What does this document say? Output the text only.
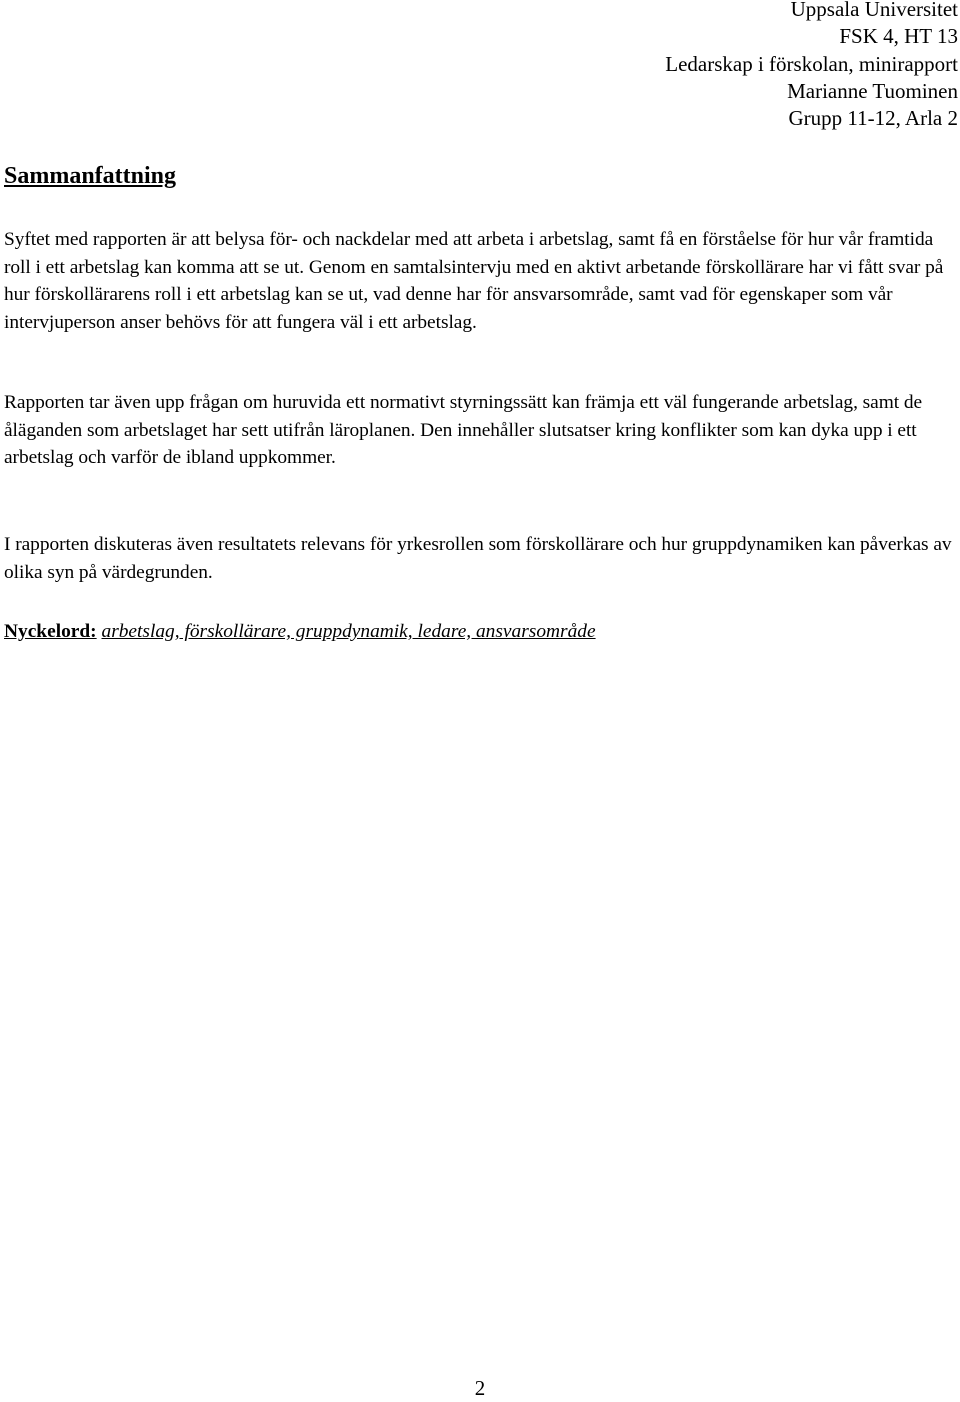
Uppsala Universitet
FSK 4, HT 13
Ledarskap i förskolan, minirapport
Marianne Tuominen
Grupp 11-12, Arla 2
Sammanfattning

Syftet med rapporten är att belysa för- och nackdelar med att arbeta i arbetslag, samt få en förståelse för hur vår framtida roll i ett arbetslag kan komma att se ut. Genom en samtalsintervju med en aktivt arbetande förskollärare har vi fått svar på hur förskollärarens roll i ett arbetslag kan se ut, vad denne har för ansvarsområde, samt vad för egenskaper som vår intervjuperson anser behövs för att fungera väl i ett arbetslag.

Rapporten tar även upp frågan om huruvida ett normativt styrningssätt kan främja ett väl fungerande arbetslag, samt de åläganden som arbetslaget har sett utifrån läroplanen. Den innehåller slutsatser kring konflikter som kan dyka upp i ett arbetslag och varför de ibland uppkommer.

I rapporten diskuteras även resultatets relevans för yrkesrollen som förskollärare och hur gruppdynamiken kan påverkas av olika syn på värdegrunden.

Nyckelord: arbetslag, förskollärare, gruppdynamik, ledare, ansvarsområde

2
